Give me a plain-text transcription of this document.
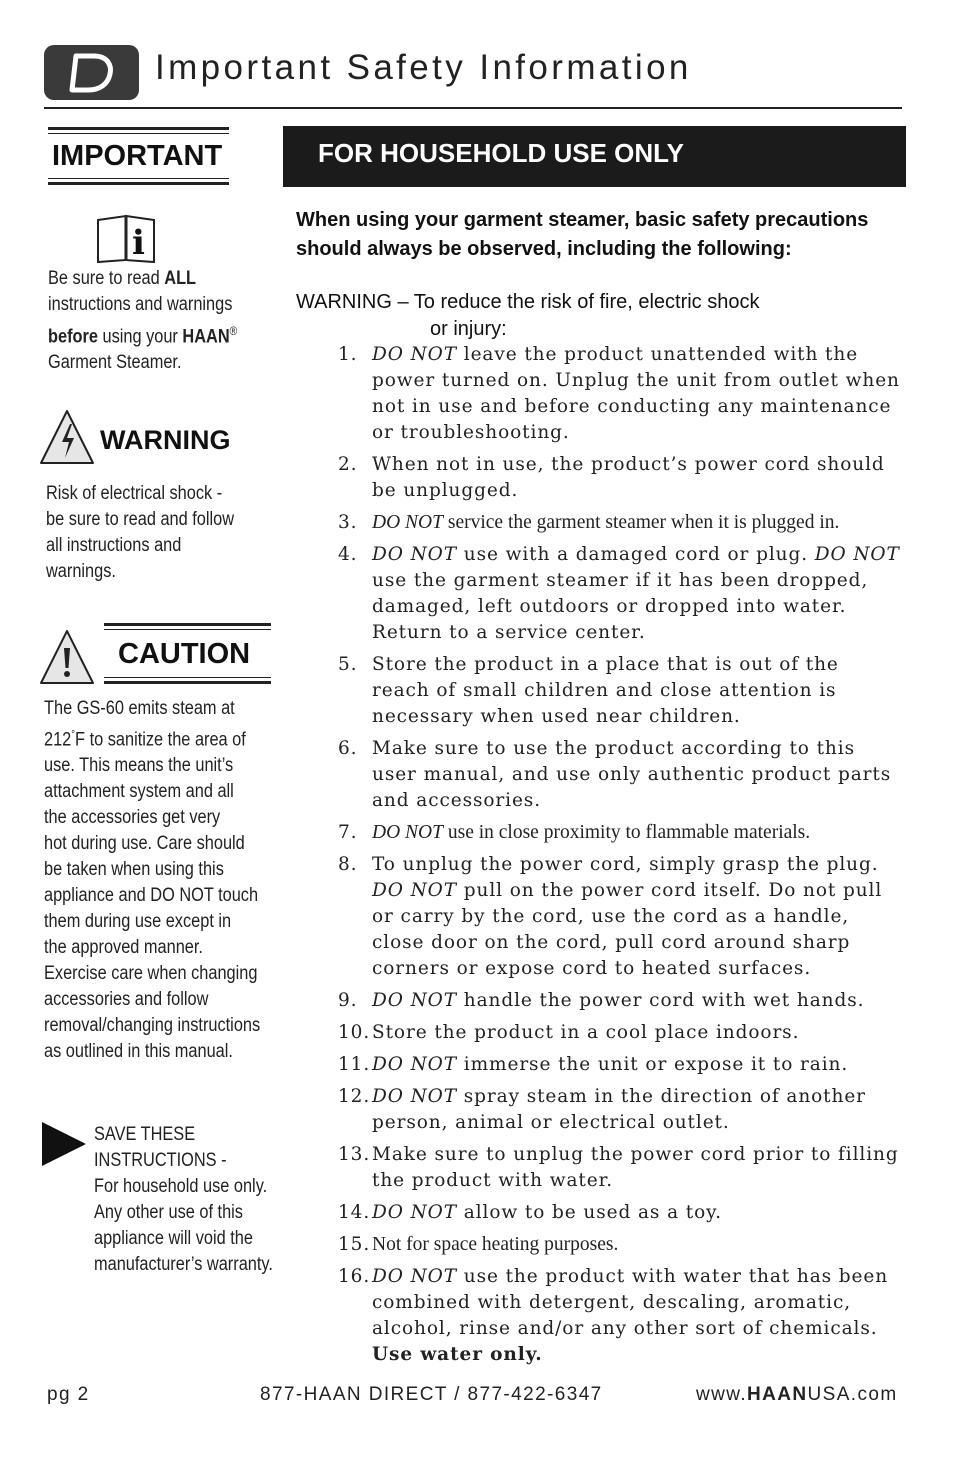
Important Safety Information
IMPORTANT
i
Be sure to read ALL
instructions and warnings
before using your HAAN®
Garment Steamer.
WARNING
Risk of electrical shock -
be sure to read and follow
all instructions and
warnings.
CAUTION
The GS-60 emits steam at
212°F to sanitize the area of
use. This means the unit’s
attachment system and all
the accessories get very
hot during use. Care should
be taken when using this
appliance and DO NOT touch
them during use except in
the approved manner.
Exercise care when changing
accessories and follow
removal/changing instructions
as outlined in this manual.
SAVE THESE
INSTRUCTIONS -
For household use only.
Any other use of this
appliance will void the
manufacturer’s warranty.
FOR HOUSEHOLD USE ONLY
When using your garment steamer, basic safety precautions
should always be observed, including the following:
WARNING – To reduce the risk of fire, electric shock
or injury:
1. DO NOT leave the product unattended with the power turned on. Unplug the unit from outlet when not in use and before conducting any maintenance or troubleshooting.
2. When not in use, the product’s power cord should be unplugged.
3. DO NOT service the garment steamer when it is plugged in.
4. DO NOT use with a damaged cord or plug. DO NOT use the garment steamer if it has been dropped, damaged, left outdoors or dropped into water. Return to a service center.
5. Store the product in a place that is out of the reach of small children and close attention is necessary when used near children.
6. Make sure to use the product according to this user manual, and use only authentic product parts and accessories.
7. DO NOT use in close proximity to flammable materials.
8. To unplug the power cord, simply grasp the plug. DO NOT pull on the power cord itself. Do not pull or carry by the cord, use the cord as a handle, close door on the cord, pull cord around sharp corners or expose cord to heated surfaces.
9. DO NOT handle the power cord with wet hands.
10. Store the product in a cool place indoors.
11. DO NOT immerse the unit or expose it to rain.
12. DO NOT spray steam in the direction of another person, animal or electrical outlet.
13. Make sure to unplug the power cord prior to filling the product with water.
14. DO NOT allow to be used as a toy.
15. Not for space heating purposes.
16. DO NOT use the product with water that has been combined with detergent, descaling, aromatic, alcohol, rinse and/or any other sort of chemicals. Use water only.
pg 2	877-HAAN DIRECT / 877-422-6347	www.HAANUSA.com
